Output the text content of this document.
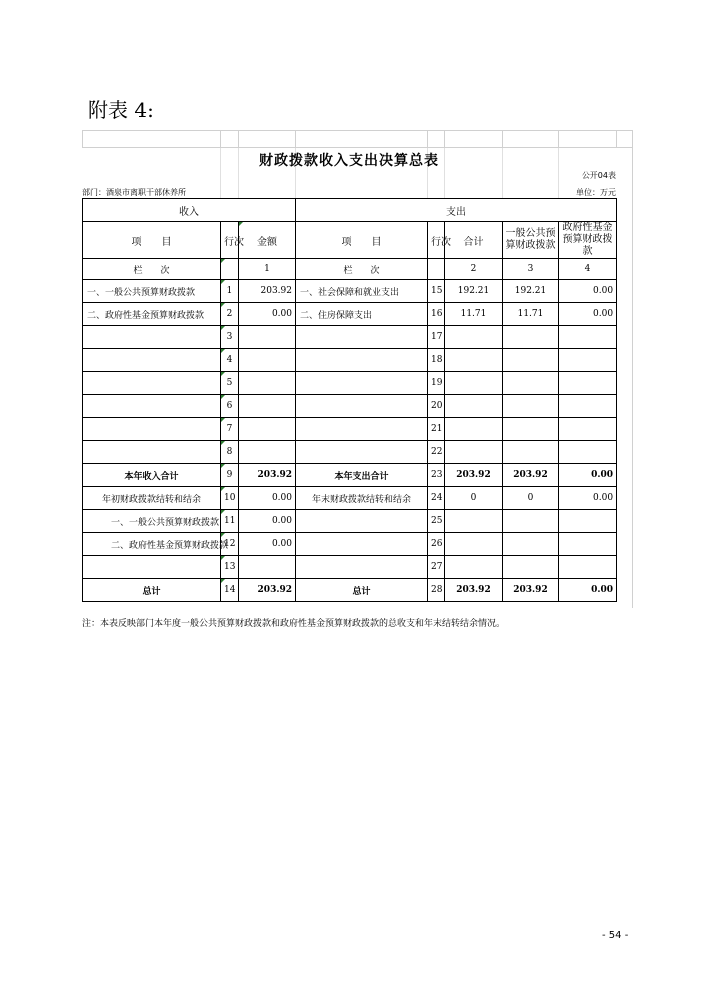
附表 4:
财政拨款收入支出决算总表
公开04表
部门：酒泉市离职干部休养所	单位：万元
收入			支出				
项　　目	行次	金额	项　　目	行次	合计	一般公共预算财政拨款	政府性基金预算财政拨款
栏　　次		1	栏　　次		2	3	4
一、一般公共预算财政拨款	1	203.92	一、社会保障和就业支出	15	192.21	192.21	0.00
二、政府性基金预算财政拨款	2	0.00	二、住房保障支出	16	11.71	11.71	0.00
	3			17			
	4			18			
	5			19			
	6			20			
	7			21			
	8			22			
本年收入合计	9	203.92	本年支出合计	23	203.92	203.92	0.00
年初财政拨款结转和结余	10	0.00	年末财政拨款结转和结余	24	0	0	0.00
一、一般公共预算财政拨款	11	0.00		25			
二、政府性基金预算财政拨款	12	0.00		26			
	13			27			
总计	14	203.92	总计	28	203.92	203.92	0.00
注：本表反映部门本年度一般公共预算财政拨款和政府性基金预算财政拨款的总收支和年末结转结余情况。
- 54 -
